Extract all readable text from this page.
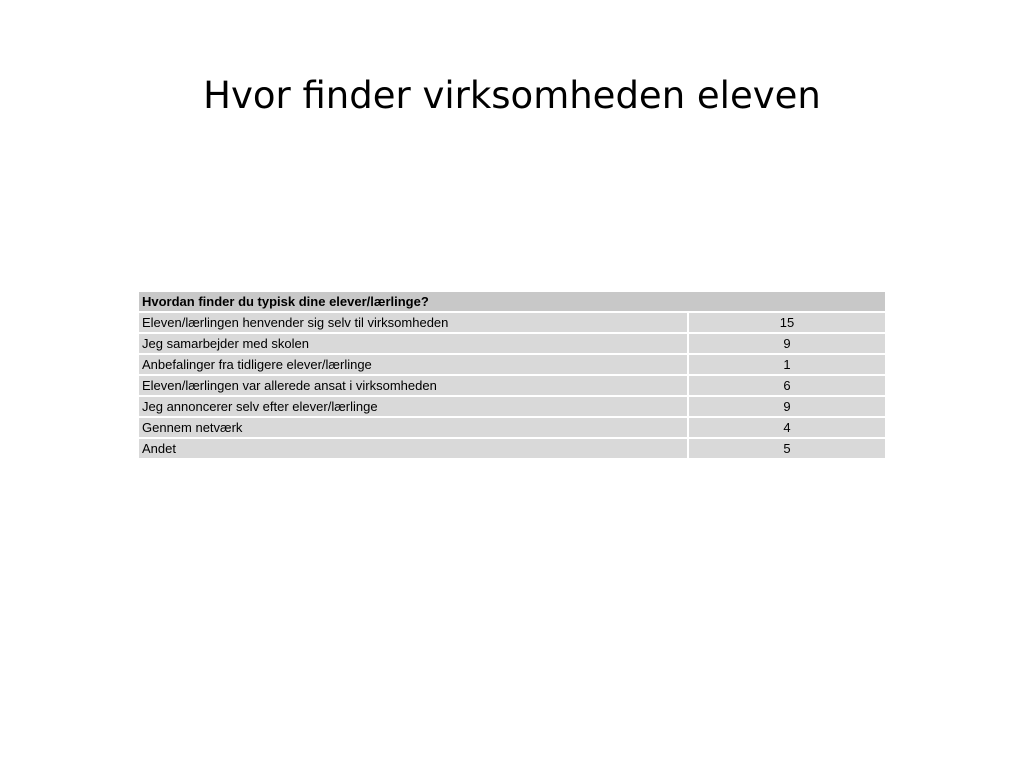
Hvor finder virksomheden eleven
Hvordan finder du typisk dine elever/lærlinge?	
Eleven/lærlingen henvender sig selv til virksomheden	15
Jeg samarbejder med skolen	9
Anbefalinger fra tidligere elever/lærlinge	1
Eleven/lærlingen var allerede ansat i virksomheden	6
Jeg annoncerer selv efter elever/lærlinge	9
Gennem netværk	4
Andet	5
